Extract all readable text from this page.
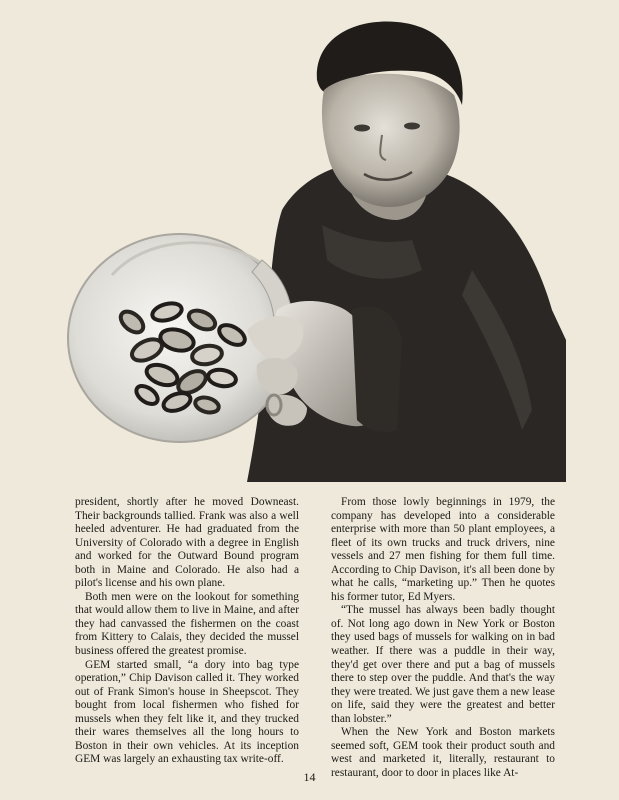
president, shortly after he moved Downeast. Their backgrounds tallied. Frank was also a well heeled adventurer. He had graduated from the University of Colorado with a degree in English and worked for the Outward Bound program both in Maine and Colorado. He also had a pilot's license and his own plane.

Both men were on the lookout for something that would allow them to live in Maine, and after they had canvassed the fishermen on the coast from Kittery to Calais, they decided the mussel business offered the greatest promise.

GEM started small, “a dory into bag type operation,” Chip Davison called it. They worked out of Frank Simon's house in Sheepscot. They bought from local fishermen who fished for mussels when they felt like it, and they trucked their wares themselves all the long hours to Boston in their own vehicles. At its inception GEM was largely an exhausting tax write-off.

From those lowly beginnings in 1979, the company has developed into a considerable enterprise with more than 50 plant employees, a fleet of its own trucks and truck drivers, nine vessels and 27 men fishing for them full time. According to Chip Davison, it's all been done by what he calls, “marketing up.” Then he quotes his former tutor, Ed Myers.

“The mussel has always been badly thought of. Not long ago down in New York or Boston they used bags of mussels for walking on in bad weather. If there was a puddle in their way, they'd get over there and put a bag of mussels there to step over the puddle. And that's the way they were treated. We just gave them a new lease on life, said they were the greatest and better than lobster.”

When the New York and Boston markets seemed soft, GEM took their product south and west and marketed it, literally, restaurant to restaurant, door to door in places like At-

14
